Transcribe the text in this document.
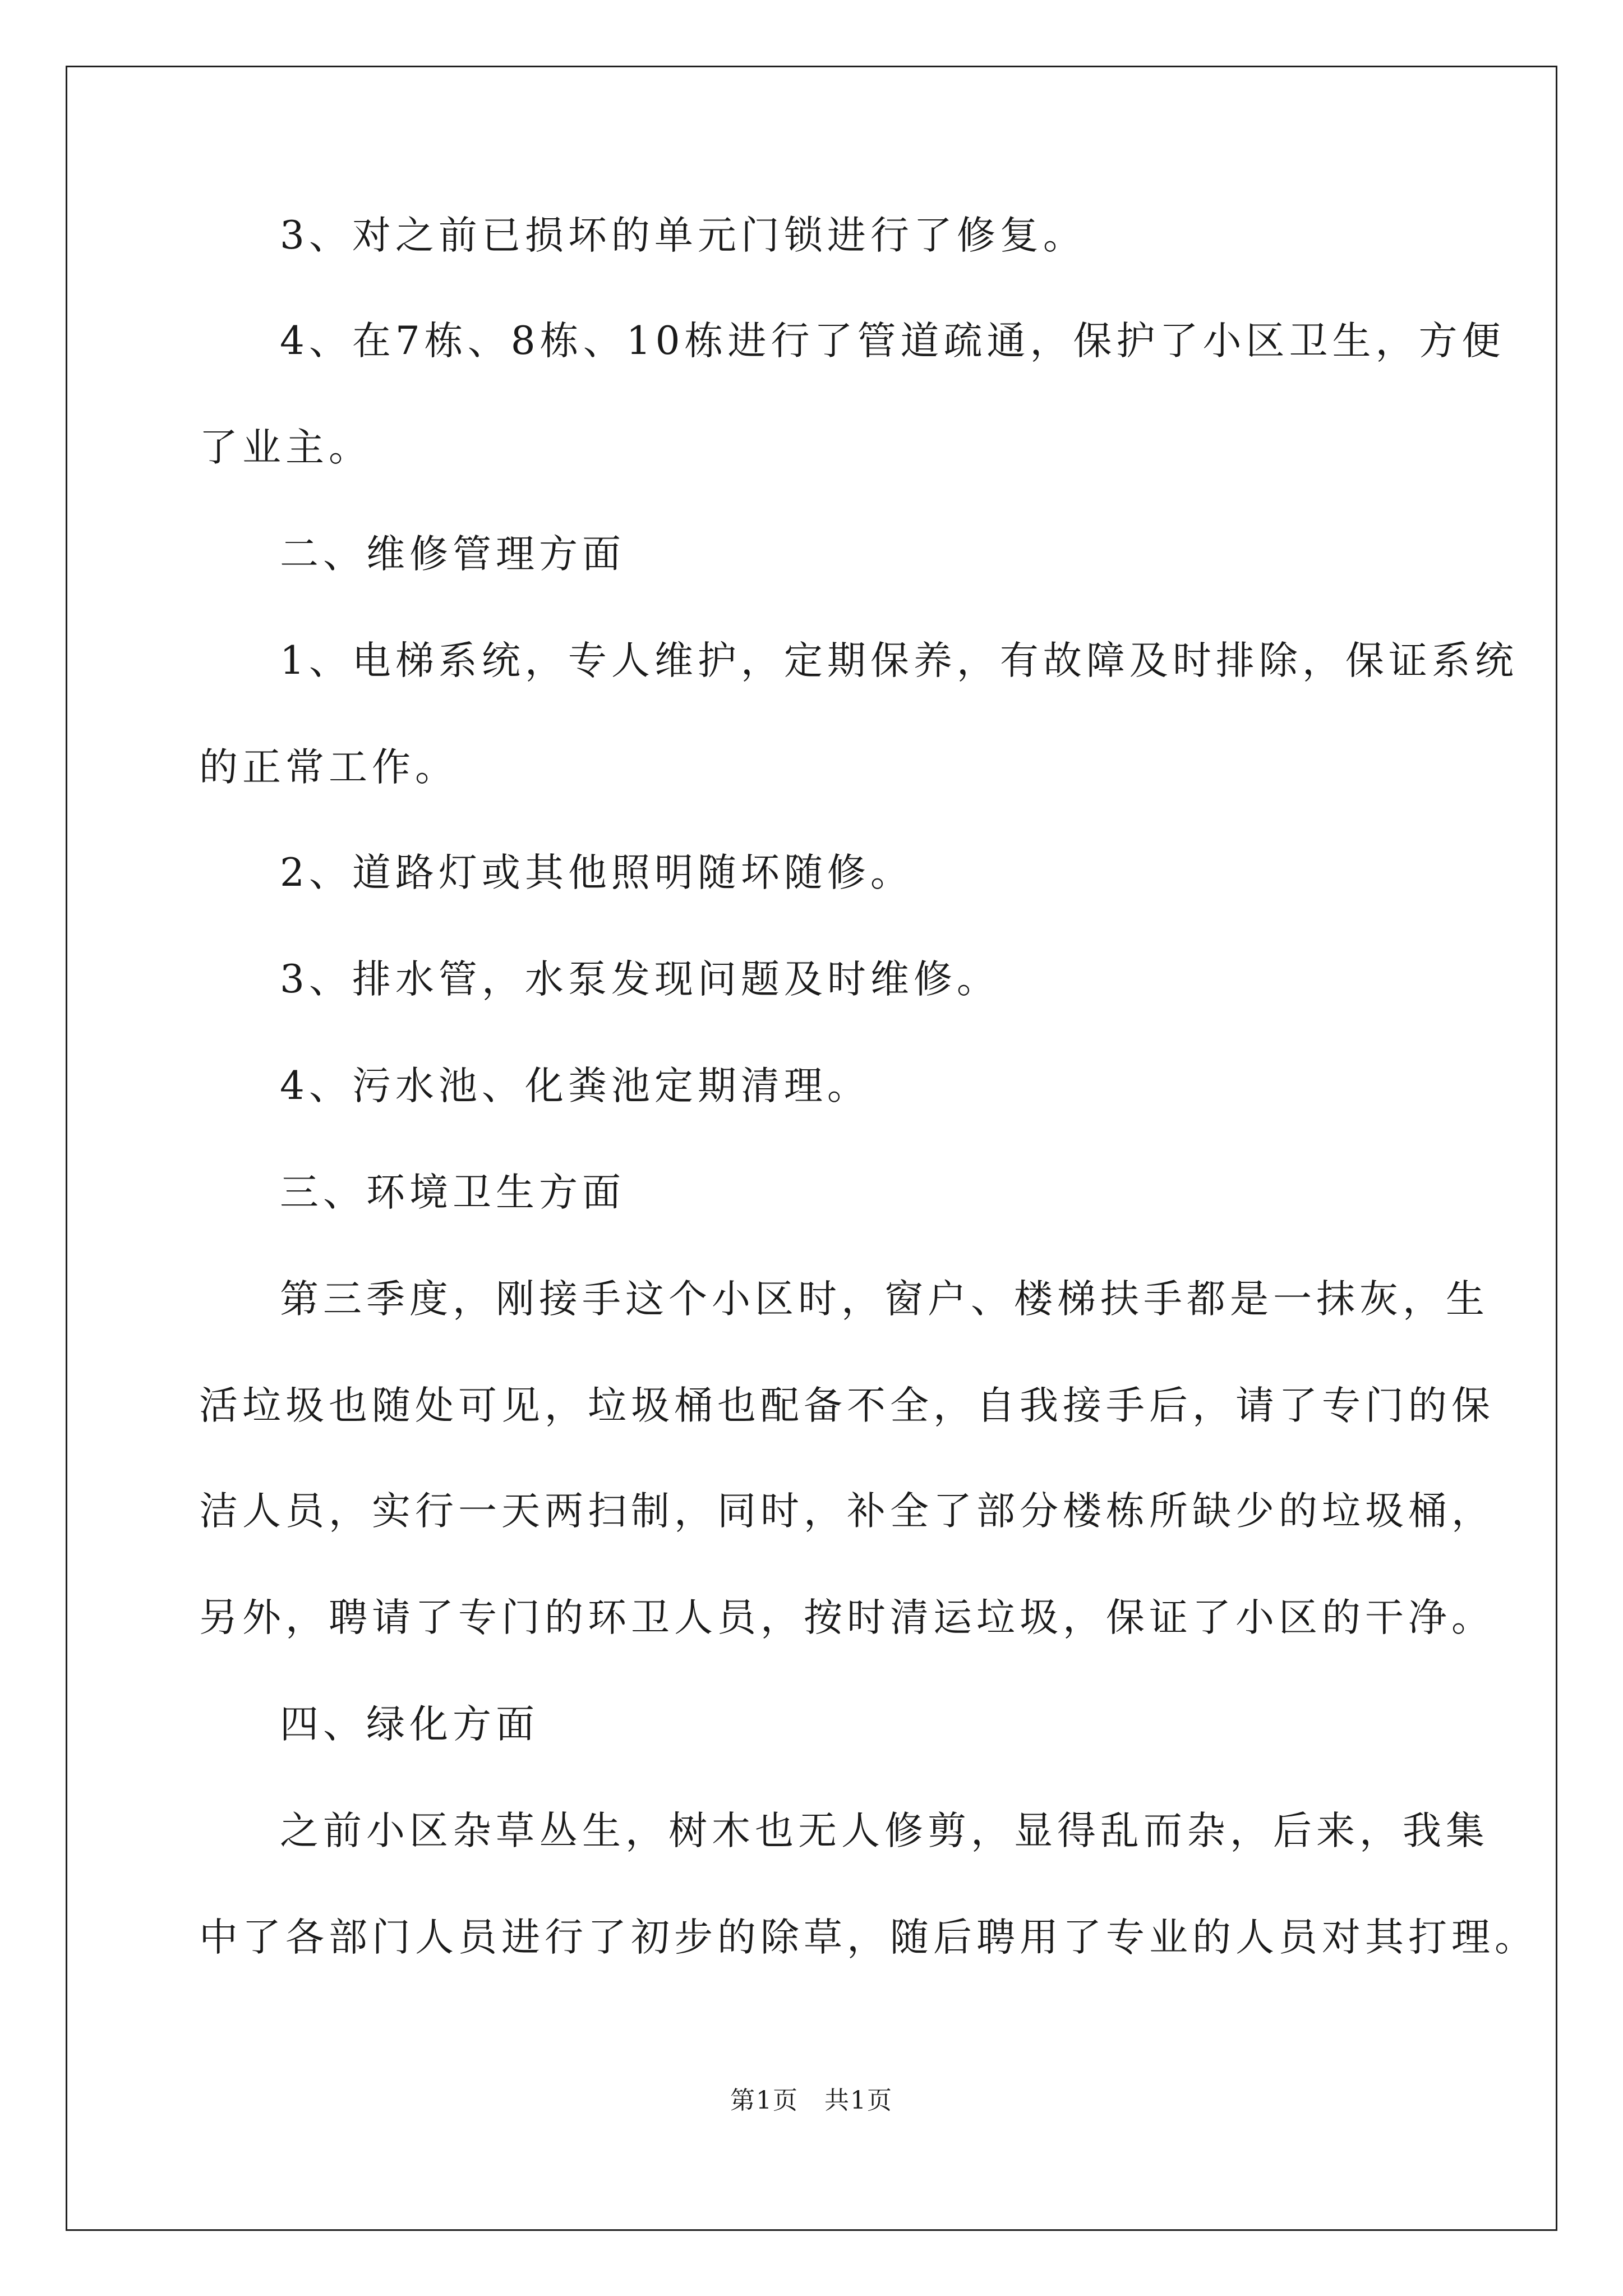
3、对之前已损坏的单元门锁进行了修复。
4、在7栋、8栋、10栋进行了管道疏通，保护了小区卫生，方便
了业主。
二、维修管理方面
1、电梯系统，专人维护，定期保养，有故障及时排除，保证系统
的正常工作。
2、道路灯或其他照明随坏随修。
3、排水管，水泵发现问题及时维修。
4、污水池、化粪池定期清理。
三、环境卫生方面
第三季度，刚接手这个小区时，窗户、楼梯扶手都是一抹灰，生
活垃圾也随处可见，垃圾桶也配备不全，自我接手后，请了专门的保
洁人员，实行一天两扫制，同时，补全了部分楼栋所缺少的垃圾桶，
另外，聘请了专门的环卫人员，按时清运垃圾，保证了小区的干净。
四、绿化方面
之前小区杂草丛生，树木也无人修剪，显得乱而杂，后来，我集
中了各部门人员进行了初步的除草，随后聘用了专业的人员对其打理。
第1页　共1页
